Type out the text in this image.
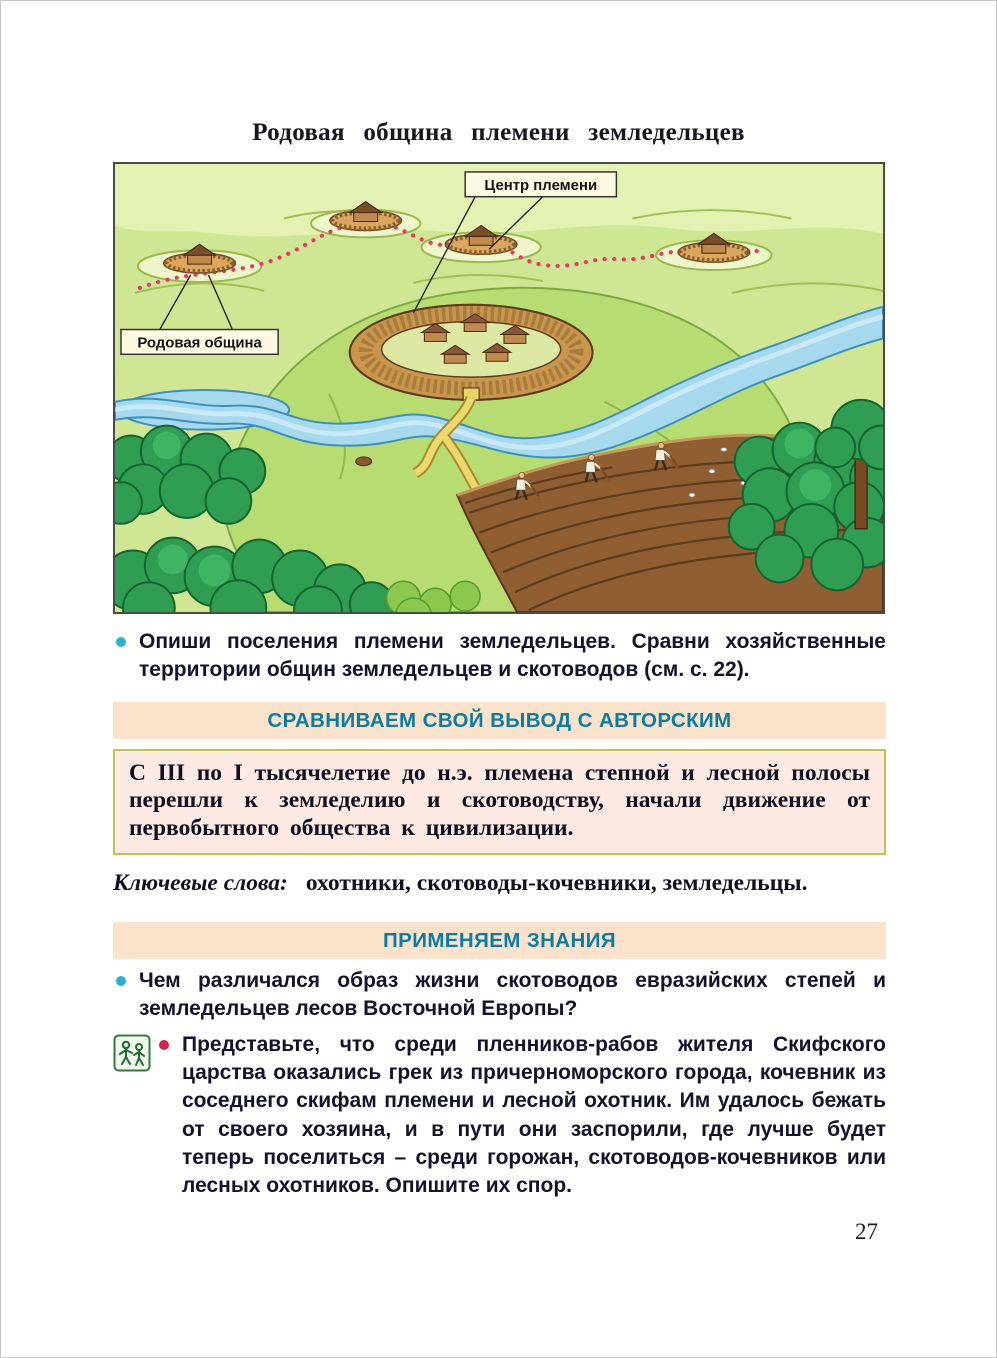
Родовая община племени земледельцев
Центр племени
Родовая община

Опиши поселения племени земледельцев. Сравни хозяйственные территории общин земледельцев и скотоводов (см. с. 22).

СРАВНИВАЕМ СВОЙ ВЫВОД С АВТОРСКИМ

С III по I тысячелетие до н.э. племена степной и лесной полосы перешли к земледелию и скотоводству, начали движение от первобытного общества к цивилизации.

Ключевые слова: охотники, скотоводы-кочевники, земледельцы.

ПРИМЕНЯЕМ ЗНАНИЯ

Чем различался образ жизни скотоводов евразийских степей и земледельцев лесов Восточной Европы?

Представьте, что среди пленников-рабов жителя Скифского царства оказались грек из причерноморского города, кочевник из соседнего скифам племени и лесной охотник. Им удалось бежать от своего хозяина, и в пути они заспорили, где лучше будет теперь поселиться – среди горожан, скотоводов-кочевников или лесных охотников. Опишите их спор.

27
